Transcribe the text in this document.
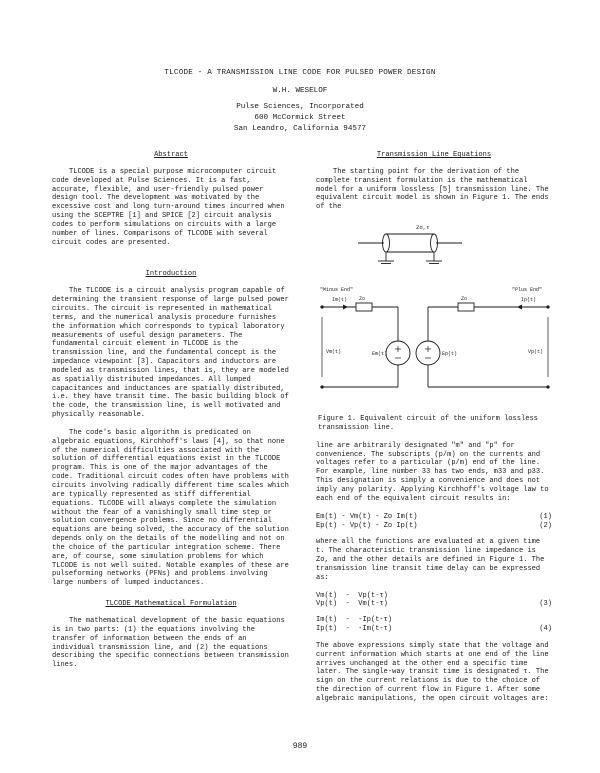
TLCODE - A TRANSMISSION LINE CODE FOR PULSED POWER DESIGN
W.H. WESELOF
Pulse Sciences, Incorporated
600 McCormick Street
San Leandro, California 94577
Abstract

TLCODE is a special purpose microcomputer circuit code developed at Pulse Sciences. It is a fast, accurate, flexible, and user-friendly pulsed power design tool. The development was motivated by the excessive cost and long turn-around times incurred when using the SCEPTRE [1] and SPICE [2] circuit analysis codes to perform simulations on circuits with a large number of lines. Comparisons of TLCODE with several circuit codes are presented.

Introduction

The TLCODE is a circuit analysis program capable of determining the transient response of large pulsed power circuits. The circuit is represented in mathematical terms, and the numerical analysis procedure furnishes the information which corresponds to typical laboratory measurements of useful design parameters. The fundamental circuit element in TLCODE is the transmission line, and the fundamental concept is the impedance viewpoint [3]. Capacitors and inductors are modeled as transmission lines, that is, they are modeled as spatially distributed impedances. All lumped capacitances and inductances are spatially distributed, i.e. they have transit time. The basic building block of the code, the transmission line, is well motivated and physically reasonable.

The code's basic algorithm is predicated on algebraic equations, Kirchhoff's laws [4], so that none of the numerical difficulties associated with the solution of differential equations exist in the TLCODE program. This is one of the major advantages of the code. Traditional circuit codes often have problems with circuits involving radically different time scales which are typically represented as stiff differential equations. TLCODE will always complete the simulation without the fear of a vanishingly small time step or solution convergence problems. Since no differential equations are being solved, the accuracy of the solution depends only on the details of the modelling and not on the choice of the particular integration scheme. There are, of course, some simulation problems for which TLCODE is not well suited. Notable examples of these are pulseforming networks (PFNs) and problems involving large numbers of lumped inductances.

TLCODE Mathematical Formulation

The mathematical development of the basic equations is in two parts: (1) the equations involving the transfer of information between the ends of an individual transmission line, and (2) the equations describing the specific connections between transmission lines.

Transmission Line Equations

The starting point for the derivation of the complete transient formulation is the mathematical model for a uniform lossless [5] transmission line. The equivalent circuit model is shown in Figure 1. The ends of the

Zo,τ
"Minus End"	"Plus End"
Im(t)	Ip(t)
Zo	Zo
Vm(t)	Vp(t)
Em(t)	Ep(t)
Figure 1. Equivalent circuit of the uniform lossless transmission line.

line are arbitrarily designated "m" and "p" for convenience. The subscripts (p/m) on the currents and voltages refer to a particular (p/m) end of the line. For example, line number 33 has two ends, m33 and p33. This designation is simply a convenience and does not imply any polarity. Applying Kirchhoff's voltage law to each end of the equivalent circuit results in:

Em(t) - Vm(t) - Zo Im(t)	(1)
Ep(t) - Vp(t) - Zo Ip(t)	(2)

where all the functions are evaluated at a given time t. The characteristic transmission line impedance is Zo, and the other details are defined in Figure 1. The transmission line transit time delay can be expressed as:

Vm(t)  -  Vp(t-τ)
Vp(t)  -  Vm(t-τ)	(3)
Im(t)  -  -Ip(t-τ)
Ip(t)  -  -Im(t-τ)	(4)

The above expressions simply state that the voltage and current information which starts at one end of the line arrives unchanged at the other end a specific time later. The single-way transit time is designated τ. The sign on the current relations is due to the choice of the direction of current flow in Figure 1. After some algebraic manipulations, the open circuit voltages are:

989
